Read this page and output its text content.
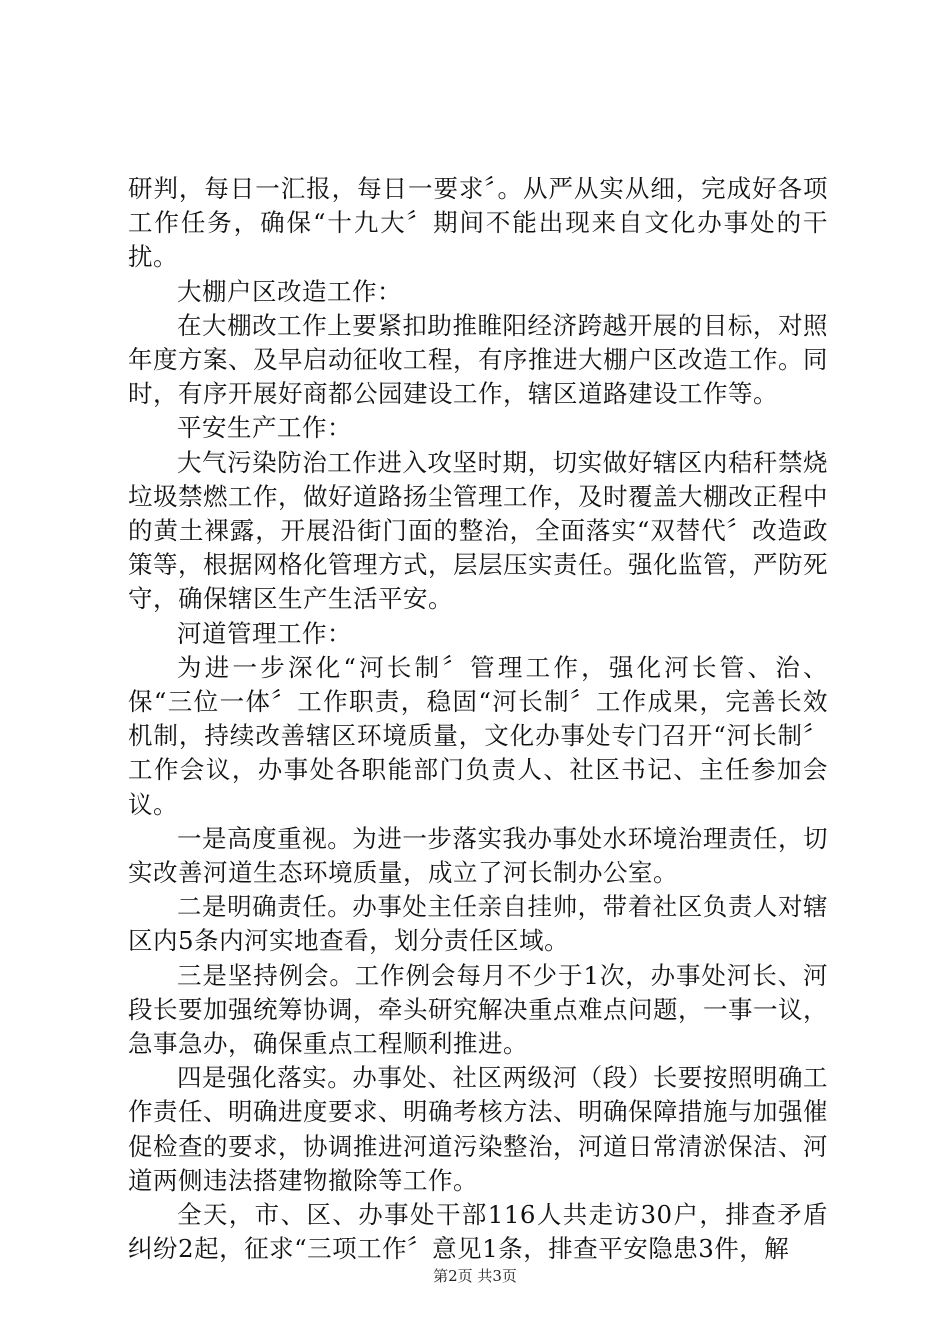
研判，每日一汇报，每日一要求〞。从严从实从细，完成好各项工作任务，确保“十九大〞期间不能出现来自文化办事处的干扰。

大棚户区改造工作：

在大棚改工作上要紧扣助推睢阳经济跨越开展的目标，对照年度方案、及早启动征收工程，有序推进大棚户区改造工作。同时，有序开展好商都公园建设工作，辖区道路建设工作等。

平安生产工作：

大气污染防治工作进入攻坚时期，切实做好辖区内秸秆禁烧垃圾禁燃工作，做好道路扬尘管理工作，及时覆盖大棚改正程中的黄土裸露，开展沿街门面的整治，全面落实“双替代〞改造政策等，根据网格化管理方式，层层压实责任。强化监管，严防死守，确保辖区生产生活平安。

河道管理工作：

为进一步深化“河长制〞管理工作，强化河长管、治、保“三位一体〞工作职责，稳固“河长制〞工作成果，完善长效机制，持续改善辖区环境质量，文化办事处专门召开“河长制〞工作会议，办事处各职能部门负责人、社区书记、主任参加会议。

一是高度重视。为进一步落实我办事处水环境治理责任，切实改善河道生态环境质量，成立了河长制办公室。

二是明确责任。办事处主任亲自挂帅，带着社区负责人对辖区内5条内河实地查看，划分责任区域。

三是坚持例会。工作例会每月不少于1次，办事处河长、河段长要加强统筹协调，牵头研究解决重点难点问题，一事一议，急事急办，确保重点工程顺利推进。

四是强化落实。办事处、社区两级河（段）长要按照明确工作责任、明确进度要求、明确考核方法、明确保障措施与加强催促检查的要求，协调推进河道污染整治，河道日常清淤保洁、河道两侧违法搭建物撤除等工作。

全天，市、区、办事处干部116人共走访30户，排查矛盾纠纷2起，征求“三项工作〞意见1条，排查平安隐患3件，解

第2页 共3页
